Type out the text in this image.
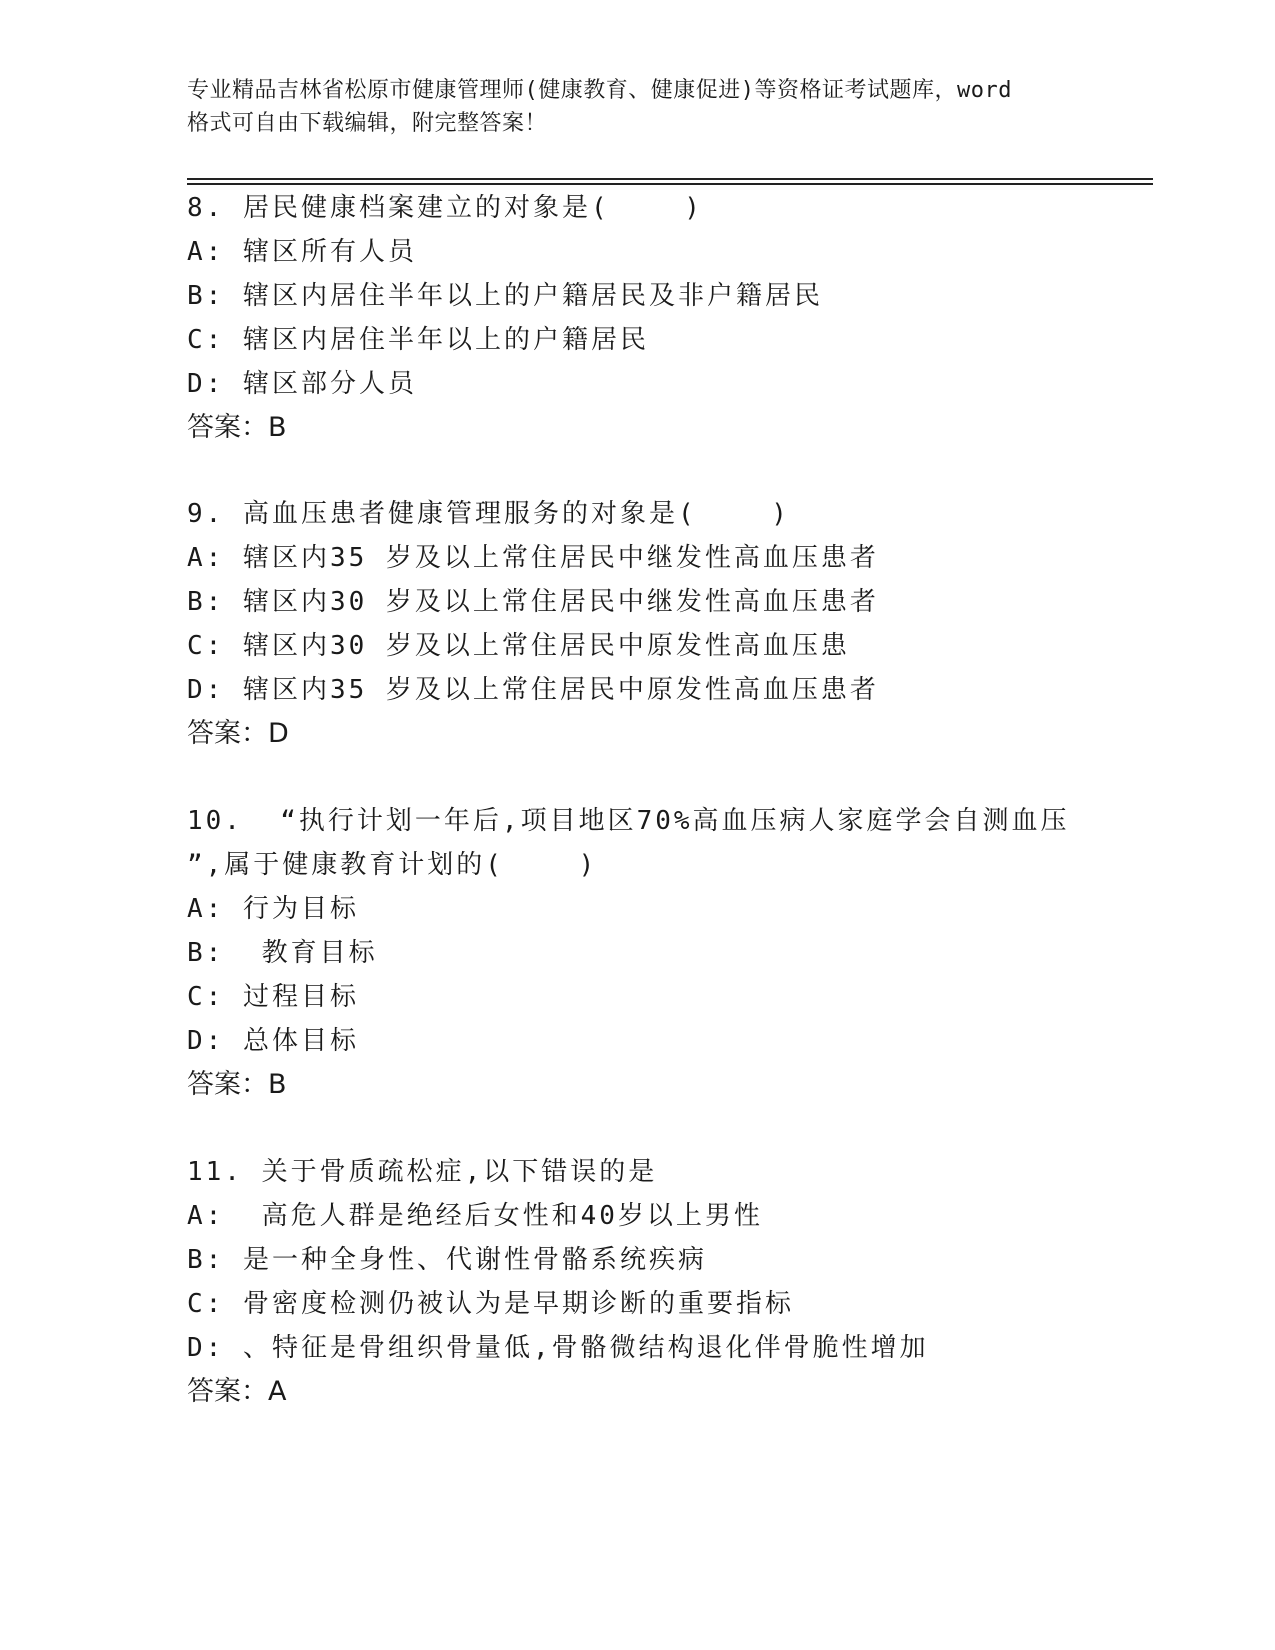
专业精品吉林省松原市健康管理师(健康教育、健康促进)等资格证考试题库，word
格式可自由下载编辑，附完整答案！
8. 居民健康档案建立的对象是(    )
A: 辖区所有人员
B: 辖区内居住半年以上的户籍居民及非户籍居民
C: 辖区内居住半年以上的户籍居民
D: 辖区部分人员
答案：B
9. 高血压患者健康管理服务的对象是(    )
A: 辖区内35 岁及以上常住居民中继发性高血压患者
B: 辖区内30 岁及以上常住居民中继发性高血压患者
C: 辖区内30 岁及以上常住居民中原发性高血压患
D: 辖区内35 岁及以上常住居民中原发性高血压患者
答案：D
10.  “执行计划一年后,项目地区70%高血压病人家庭学会自测血压
”,属于健康教育计划的(    )
A: 行为目标
B:  教育目标
C: 过程目标
D: 总体目标
答案：B
11. 关于骨质疏松症,以下错误的是
A:  高危人群是绝经后女性和40岁以上男性
B: 是一种全身性、代谢性骨骼系统疾病
C: 骨密度检测仍被认为是早期诊断的重要指标
D: 、特征是骨组织骨量低,骨骼微结构退化伴骨脆性增加
答案：A
